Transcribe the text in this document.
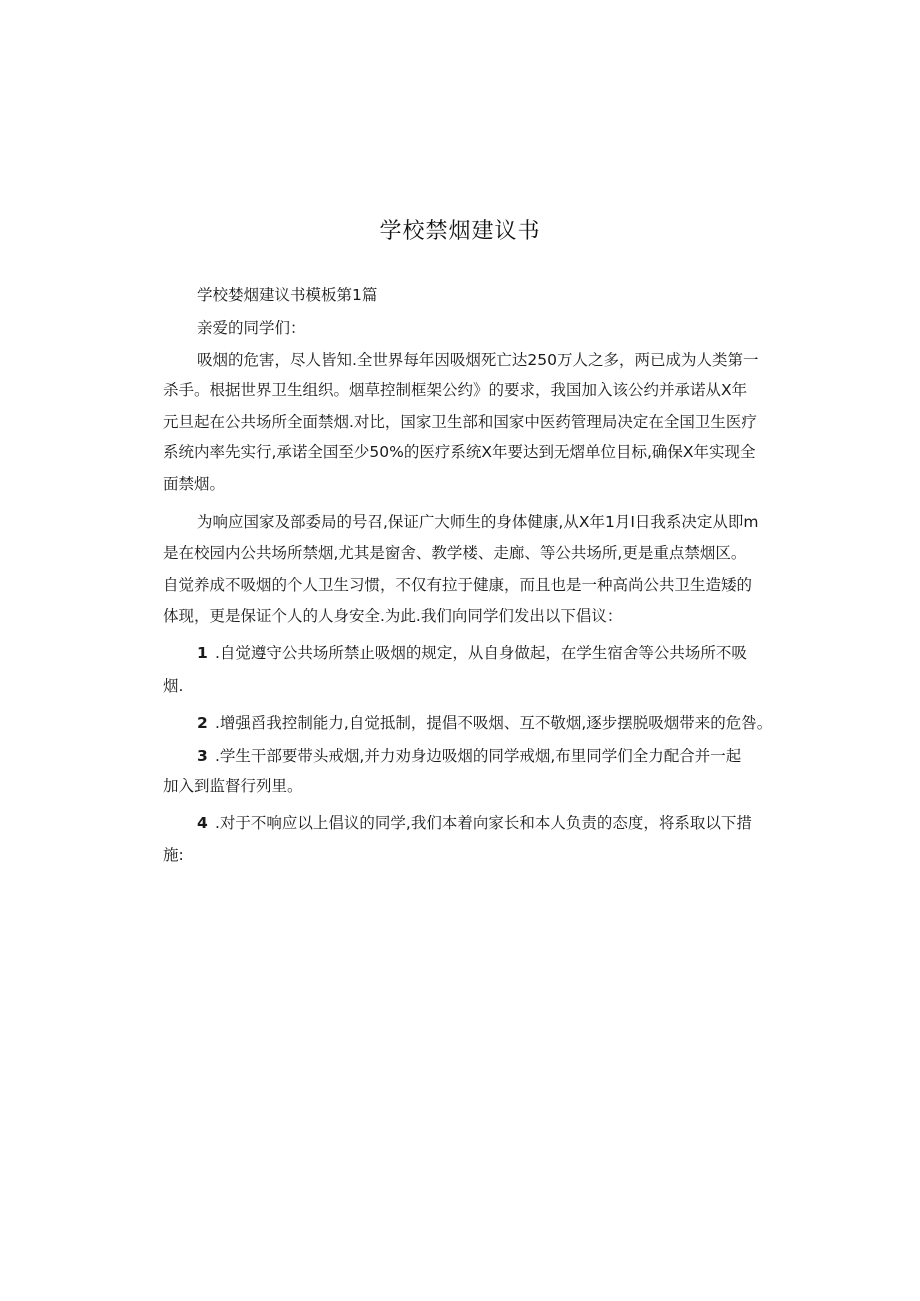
学校禁烟建议书
学校婪烟建议书模板第1篇
亲爱的同学们：
吸烟的危害，尽人皆知.全世界每年因吸烟死亡达250万人之多，两已成为人类第一
杀手。根据世界卫生组织。烟草控制框架公约》的要求，我国加入该公约并承诺从X年
元旦起在公共场所全面禁烟.对比，国家卫生部和国家中医药管理局决定在全国卫生医疗
系统内率先实行,承诺全国至少50%的医疗系统X年要达到无熠单位目标,确保X年实现全
面禁烟。
为响应国家及部委局的号召,保证广大师生的身体健康,从X年1月I日我系决定从即m
是在校园内公共场所禁烟,尤其是窗舍、教学楼、走廊、等公共场所,更是重点禁烟区。
自觉养成不吸烟的个人卫生习惯，不仅有拉于健康，而且也是一种高尚公共卫生造矮的
体现，更是保证个人的人身安全.为此.我们向同学们发出以下倡议：
1 .自觉遵守公共场所禁止吸烟的规定，从自身做起，在学生宿舍等公共场所不吸
烟.
2 .增强舀我控制能力,自觉抵制，提倡不吸烟、互不敬烟,逐步摆脱吸烟带来的危咎。
3 .学生干部要带头戒烟,并力劝身边吸烟的同学戒烟,布里同学们全力配合并一起
加入到监督行列里。
4 .对于不响应以上倡议的同学,我们本着向家长和本人负责的态度，将系取以下措
施:
